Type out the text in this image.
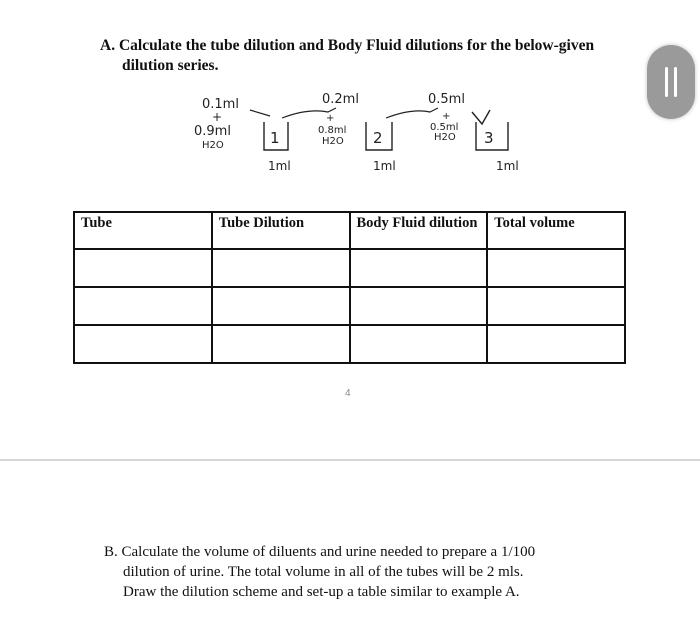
A. Calculate the tube dilution and Body Fluid dilutions for the below-given
dilution series.
0.1ml
+
0.9ml
H2O	1
1ml
0.2ml
+
0.8ml
H2O 2
1ml
0.5ml
+
0.5ml
H2O 3
1ml
Tube	Tube Dilution	Body Fluid dilution	Total volume

4
B. Calculate the volume of diluents and urine needed to prepare a 1/100
dilution of urine. The total volume in all of the tubes will be 2 mls.
Draw the dilution scheme and set-up a table similar to example A.
